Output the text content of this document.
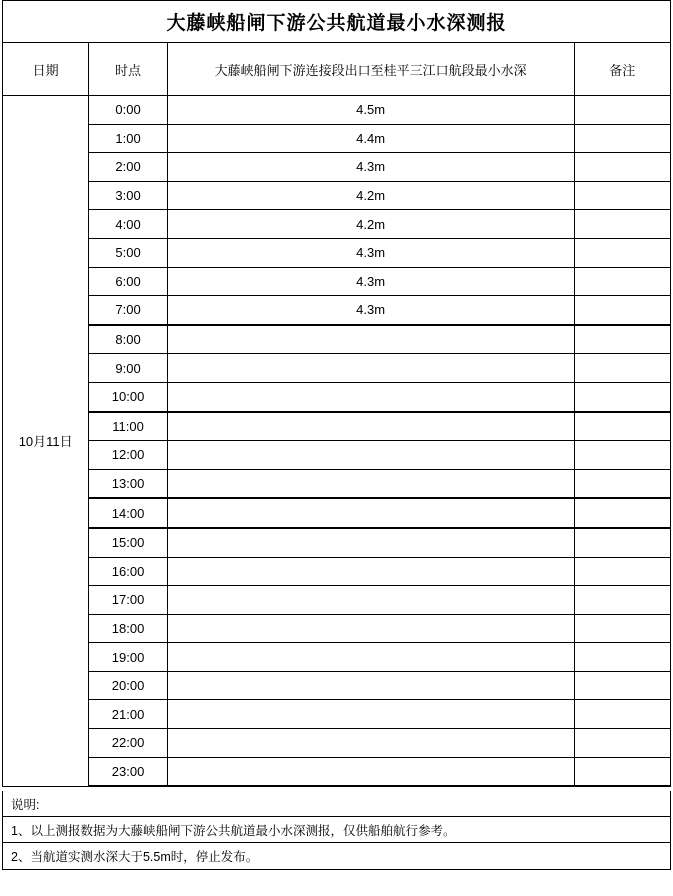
大藤峡船闸下游公共航道最小水深测报
日期	时点	大藤峡船闸下游连接段出口至桂平三江口航段最小水深	备注
10月11日	0:00	4.5m	
	1:00	4.4m	
	2:00	4.3m	
	3:00	4.2m	
	4:00	4.2m	
	5:00	4.3m	
	6:00	4.3m	
	7:00	4.3m	
	8:00		
	9:00		
	10:00		
	11:00		
	12:00		
	13:00		
	14:00		
	15:00		
	16:00		
	17:00		
	18:00		
	19:00		
	20:00		
	21:00		
	22:00		
	23:00		
说明:
1、以上测报数据为大藤峡船闸下游公共航道最小水深测报，仅供船舶航行参考。
2、当航道实测水深大于5.5m时，停止发布。
